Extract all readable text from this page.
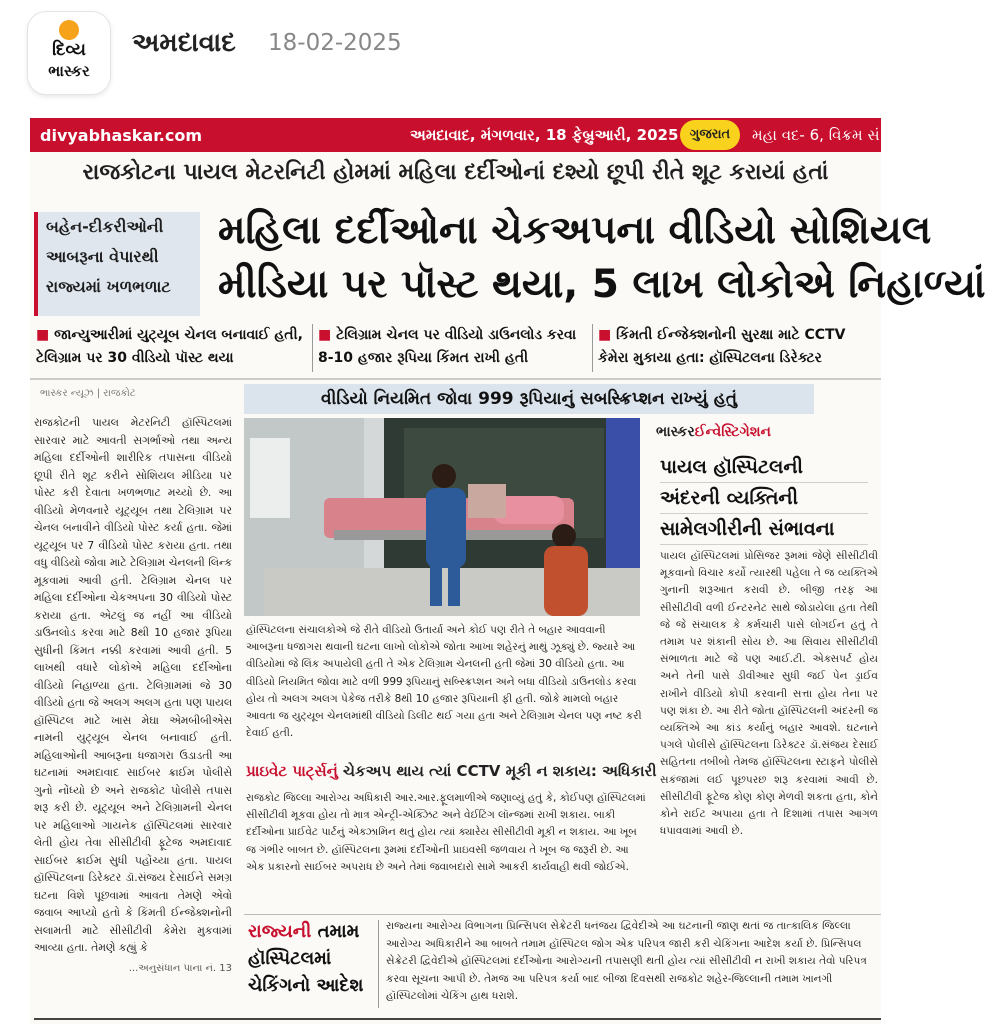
દિવ્ય
ભાસ્કર
અમદાવાદ 18-02-2025
divyabhaskar.com	અમદાવાદ, મંગળવાર, 18 ફેબ્રુઆરી, 2025 ગુજરાત	મહા વદ- 6, વિક્રમ સં
રાજકોટના પાયલ મેટરનિટી હોમમાં મહિલા દર્દીઓનાં દશ્યો છૂપી રીતે શૂટ કરાયાં હતાં
બહેન-દીકરીઓની
આબરૂના વેપારથી
રાજ્યમાં ખળભળાટ
મહિલા દર્દીઓના ચેકઅપના વીડિયો સોશિયલ
મીડિયા પર પૉસ્ટ થયા, 5 લાખ લોકોએ નિહાળ્યાં
■ જાન્યુઆરીમાં યુટ્યૂબ ચેનલ બનાવાઈ હતી, ટેલિગ્રામ પર 30 વીડિયો પૉસ્ટ થયા
■ ટેલિગ્રામ ચેનલ પર વીડિયો ડાઉનલોડ કરવા 8-10 હજાર રૂપિયા કિંમત રાખી હતી
■ કિંમતી ઈન્જેક્શનોની સુરક્ષા માટે CCTV કેમેરા મુકાયા હતા: હૉસ્પિટલના ડિરેક્ટર
ભાસ્કર ન્યૂઝ | રાજકોટ

રાજકોટની પાયલ મેટરનિટી હૉસ્પિટલમાં સારવાર માટે આવતી સગર્ભાઓ તથા અન્ય મહિલા દર્દીઓની શારીરિક તપાસના વીડિયો છૂપી રીતે શૂટ કરીને સોશિયલ મીડિયા પર પોસ્ટ કરી દેવાતા ખળભળાટ મચ્યો છે. આ વીડિયો મેળવનારે યૂટ્યૂબ તથા ટેલિગ્રામ પર ચેનલ બનાવીને વીડિયો પોસ્ટ કર્યા હતા. જેમાં યૂટ્યૂબ પર 7 વીડિયો પોસ્ટ કરાયા હતા. તથા વધુ વીડિયો જોવા માટે ટેલિગ્રામ ચેનલની લિન્ક મૂકવામાં આવી હતી. ટેલિગ્રામ ચેનલ પર મહિલા દર્દીઓના ચેકઅપના 30 વીડિયો પોસ્ટ કરાયા હતા. એટલું જ નહીં આ વીડિયો ડાઉનલોડ કરવા માટે 8થી 10 હજાર રૂપિયા સુધીની કિંમત નક્કી કરવામાં આવી હતી. 5 લાખથી વધારે લોકોએ મહિલા દર્દીઓના વીડિયો નિહાળ્યા હતા. ટેલિગ્રામમાં જે 30 વીડિયો હતા જે અલગ અલગ હતા પણ પાયલ હૉસ્પિટલ માટે ખાસ મેઘા એમબીબીએસ નામની યુટ્યૂબ ચેનલ બનાવાઈ હતી. મહિલાઓની આબરૂના ધજાગરા ઉડાડતી આ ઘટનામાં અમદાવાદ સાઈબર ક્રાઈમ પોલીસે ગુનો નોંધ્યો છે અને રાજકોટ પોલીસે તપાસ શરૂ કરી છે. યૂટ્યૂબ અને ટેલિગ્રામની ચેનલ પર મહિલાઓ ગાયનેક હૉસ્પિટલમાં સારવાર લેતી હોય તેવા સીસીટીવી ફૂટેજ અમદાવાદ સાઈબર ક્રાઈમ સુધી પહોંચ્યા હતા. પાયલ હૉસ્પિટલના ડિરેક્ટર ડૉ.સંજય દેસાઈને સમગ્ર ઘટના વિશે પૂછવામાં આવતા તેમણે એવો જવાબ આપ્યો હતો કે કિંમતી ઈન્જેક્શનોની સલામતી માટે સીસીટીવી કેમેરા મુકવામાં આવ્યા હતા. તેમણે કહ્યું કે

...અનુસંધાન પાના નં. 13
વીડિયો નિયમિત જોવા 999 રૂપિયાનું સબસ્ક્રિપ્શન રાખ્યું હતું
હૉસ્પિટલના સંચાલકોએ જે રીતે વીડિયો ઉતાર્યા અને કોઈ પણ રીતે તે બહાર આવવાની આબરૂના ધજાગરા થવાની ઘટના લાખો લોકોએ જોતા આખા શહેરનું માથું ઝૂક્યું છે. જ્યારે આ વીડિયોમાં જે લિંક અપાયેલી હતી તે એક ટેલિગ્રામ ચેનલની હતી જેમાં 30 વીડિયો હતા. આ વીડિયો નિયમિત જોવા માટે વળી 999 રૂપિયાનું સબ્સ્ક્રિપ્શન અને બધા વીડિયો ડાઉનલોડ કરવા હોય તો અલગ અલગ પેકેજ તરીકે 8થી 10 હજાર રૂપિયાની ફી હતી. જોકે મામલો બહાર આવતા જ યુટ્યૂબ ચેનલમાંથી વીડિયો ડિલીટ થઈ ગયા હતા અને ટેલિગ્રામ ચેનલ પણ નષ્ટ કરી દેવાઈ હતી.
પ્રાઇવેટ પાર્ટ્સનું ચેકઅપ થાય ત્યાં CCTV મૂકી ન શકાય: અધિકારી
રાજકોટ જિલ્લા આરોગ્ય અધિકારી આર.આર.ફૂલમાળીએ જણાવ્યું હતું કે, કોઈપણ હૉસ્પિટલમાં સીસીટીવી મૂકવા હોય તો માત્ર એન્ટ્રી-એક્ઝિટ અને વેઈટિંગ લૉન્જમાં રાખી શકાય. બાકી દર્દીઓના પ્રાઈવેટ પાર્ટનું એક્ઝામિન થતું હોય ત્યાં ક્યારેય સીસીટીવી મૂકી ન શકાય. આ ખૂબ જ ગંભીર બાબત છે. હૉસ્પિટલના રૂમમાં દર્દીઓની પ્રાઇવસી જળવાય તે ખૂબ જ જરૂરી છે. આ એક પ્રકારનો સાઈબર અપરાધ છે અને તેમાં જવાબદારો સામે આકરી કાર્યવાહી થવી જોઈએ.
ભાસ્કરઈન્વેસ્ટિગેશન
પાયલ હૉસ્પિટલની
અંદરની વ્યક્તિની
સામેલગીરીની સંભાવના
પાયલ હૉસ્પિટલમાં પ્રોસિજર રૂમમાં જેણે સીસીટીવી મૂકવાનો વિચાર કર્યો ત્યારથી પહેલા તે જ વ્યક્તિએ ગુનાની શરૂઆત કરાવી છે. બીજી તરફ આ સીસીટીવી વળી ઈન્ટરનેટ સાથે જોડાયેલા હતા તેથી જે જે સંચાલક કે કર્મચારી પાસે લોગઈન હતું તે તમામ પર શંકાની સોય છે. આ સિવાય સીસીટીવી સંભાળતા માટે જે પણ આઈ.ટી. એક્સપર્ટ હોય અને તેની પાસે ડીવીઆર સુધી જઈ પેન ડ્રાઈવ રાખીને વીડિયો કોપી કરવાની સત્તા હોય તેના પર પણ શંકા છે. આ રીતે જોતા હૉસ્પિટલની અંદરની જ વ્યક્તિએ આ કાંડ કર્યાનું બહાર આવશે. ઘટનાને પગલે પોલીસે હૉસ્પિટલના ડિરેક્ટર ડૉ.સંજય દેસાઈ સહિતના તબીબો તેમજ હૉસ્પિટલના સ્ટાફને પોલીસે સકંજામાં લઈ પૂછપરછ શરૂ કરવામાં આવી છે. સીસીટીવી ફૂટેજ કોણ કોણ મેળવી શકતા હતા, કોને કોને રાઈટ અપાયા હતા તે દિશામાં તપાસ આગળ ધપાવવામાં આવી છે.
રાજ્યની તમામ હૉસ્પિટલમાં ચેકિંગનો આદેશ
રાજ્યના આરોગ્ય વિભાગના પ્રિન્સિપલ સેક્રેટરી ધનંજય દ્વિવેદીએ આ ઘટનાની જાણ થતાં જ તાત્કાલિક જિલ્લા આરોગ્ય અધિકારીને આ બાબતે તમામ હૉસ્પિટલ જોગ એક પરિપત્ર જારી કરી ચેકિંગના આદેશ કર્યા છે. પ્રિન્સિપલ સેક્રેટરી દ્વિવેદીએ હૉસ્પિટલમાં દર્દીઓના આરોગ્યની તપાસણી થતી હોય ત્યાં સીસીટીવી ન રાખી શકાય તેવો પરિપત્ર કરવા સૂચના આપી છે. તેમજ આ પરિપત્ર કર્યા બાદ બીજા દિવસથી રાજકોટ શહેર-જિલ્લાની તમામ ખાનગી હૉસ્પિટલોમાં ચેકિંગ હાથ ધરાશે.
